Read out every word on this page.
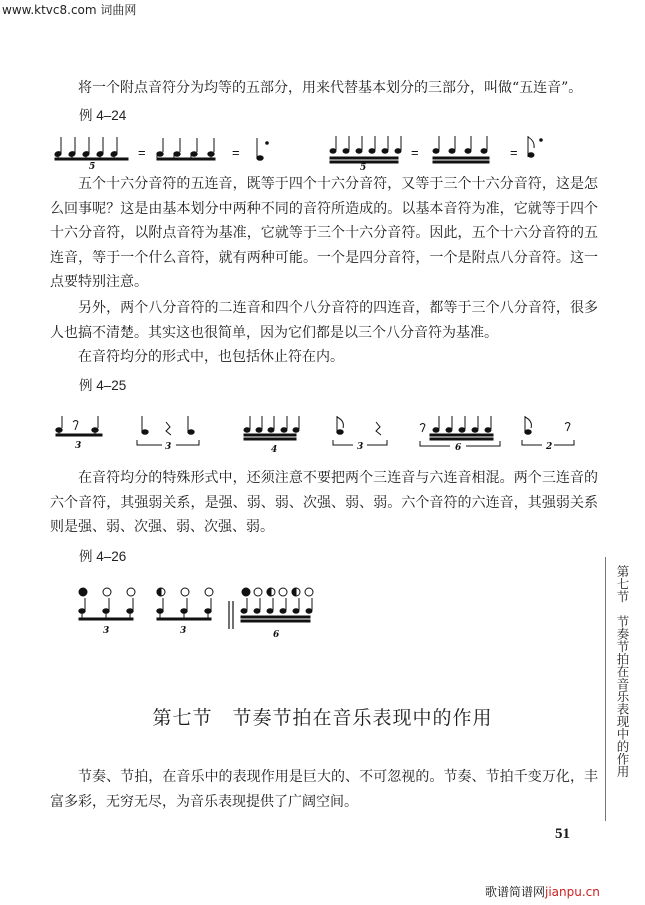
www.ktvc8.com 词曲网

将一个附点音符分为均等的五部分，用来代替基本划分的三部分，叫做“五连音”。

例 4–24
5
=	=
5
=	=

五个十六分音符的五连音，既等于四个十六分音符，又等于三个十六分音符，这是怎么回事呢？这是由基本划分中两种不同的音符所造成的。以基本音符为准，它就等于四个十六分音符，以附点音符为基准，它就等于三个十六分音符。因此，五个十六分音符的五连音，等于一个什么音符，就有两种可能。一个是四分音符，一个是附点八分音符。这一点要特别注意。

另外，两个八分音符的二连音和四个八分音符的四连音，都等于三个八分音符，很多人也搞不清楚。其实这也很简单，因为它们都是以三个八分音符为基准。

在音符均分的形式中，也包括休止符在内。

例 4–25
3	3	4	3	6	2

在音符均分的特殊形式中，还须注意不要把两个三连音与六连音相混。两个三连音的六个音符，其强弱关系，是强、弱、弱、次强、弱、弱。六个音符的六连音，其强弱关系则是强、弱、次强、弱、次强、弱。

例 4–26
3	3	6
第七节　节奏节拍在音乐表现中的作用

节奏、节拍，在音乐中的表现作用是巨大的、不可忽视的。节奏、节拍千变万化，丰富多彩，无穷无尽，为音乐表现提供了广阔空间。

第七节　节奏节拍在音乐表现中的作用
51
歌谱简谱网jianpu.cn
